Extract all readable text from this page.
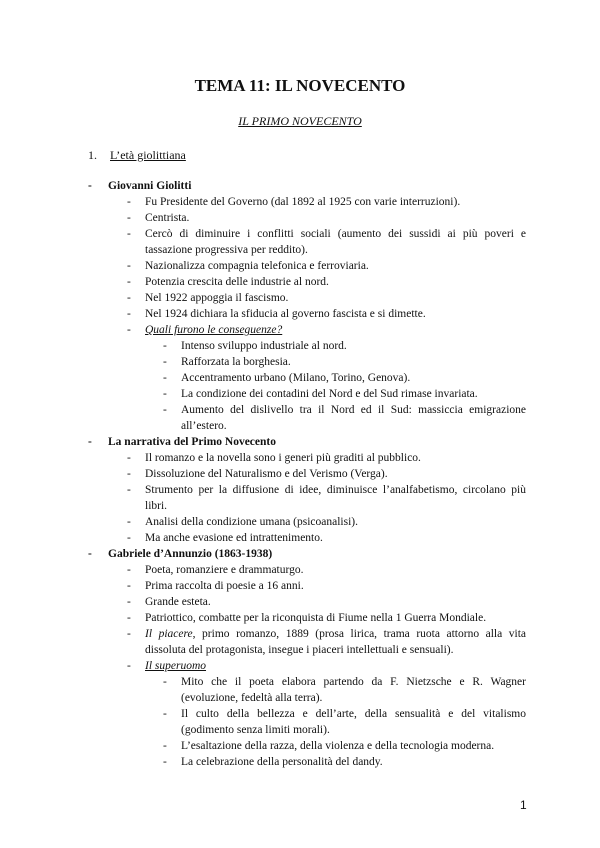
TEMA 11: IL NOVECENTO
IL PRIMO NOVECENTO
1. L’età giolittiana
- Giovanni Giolitti
- Fu Presidente del Governo (dal 1892 al 1925 con varie interruzioni).
- Centrista.
- Cercò di diminuire i conflitti sociali (aumento dei sussidi ai più poveri e tassazione progressiva per reddito).
- Nazionalizza compagnia telefonica e ferroviaria.
- Potenzia crescita delle industrie al nord.
- Nel 1922 appoggia il fascismo.
- Nel 1924 dichiara la sfiducia al governo fascista e si dimette.
- Quali furono le conseguenze?
- Intenso sviluppo industriale al nord.
- Rafforzata la borghesia.
- Accentramento urbano (Milano, Torino, Genova).
- La condizione dei contadini del Nord e del Sud rimase invariata.
- Aumento del dislivello tra il Nord ed il Sud: massiccia emigrazione all’estero.
- La narrativa del Primo Novecento
- Il romanzo e la novella sono i generi più graditi al pubblico.
- Dissoluzione del Naturalismo e del Verismo (Verga).
- Strumento per la diffusione di idee, diminuisce l’analfabetismo, circolano più libri.
- Analisi della condizione umana (psicoanalisi).
- Ma anche evasione ed intrattenimento.
- Gabriele d’Annunzio (1863-1938)
- Poeta, romanziere e drammaturgo.
- Prima raccolta di poesie a 16 anni.
- Grande esteta.
- Patriottico, combatte per la riconquista di Fiume nella 1 Guerra Mondiale.
- Il piacere, primo romanzo, 1889 (prosa lirica, trama ruota attorno alla vita dissoluta del protagonista, insegue i piaceri intellettuali e sensuali).
- Il superuomo
- Mito che il poeta elabora partendo da F. Nietzsche e R. Wagner (evoluzione, fedeltà alla terra).
- Il culto della bellezza e dell’arte, della sensualità e del vitalismo (godimento senza limiti morali).
- L’esaltazione della razza, della violenza e della tecnologia moderna.
- La celebrazione della personalità del dandy.
1
